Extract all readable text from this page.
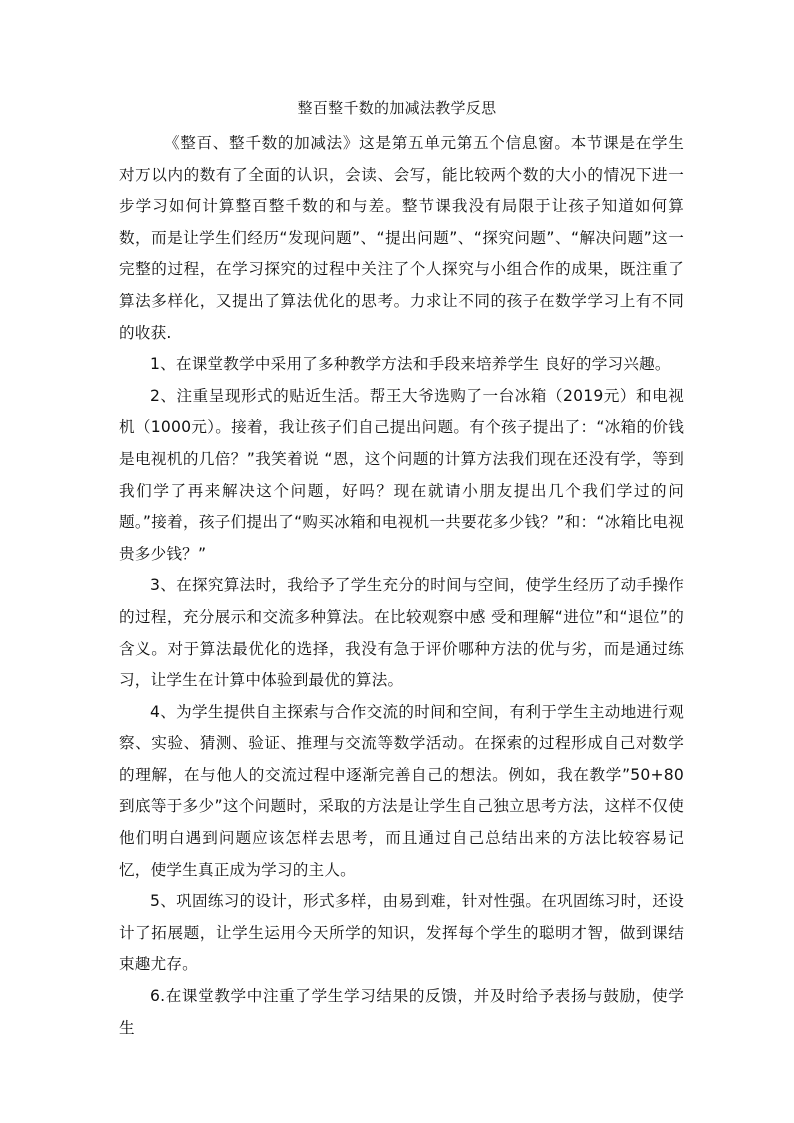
整百整千数的加减法教学反思

《整百、整千数的加减法》这是第五单元第五个信息窗。本节课是在学生对万以内的数有了全面的认识，会读、会写，能比较两个数的大小的情况下进一步学习如何计算整百整千数的和与差。整节课我没有局限于让孩子知道如何算数，而是让学生们经历“发现问题”、“提出问题”、“探究问题”、“解决问题”这一完整的过程，在学习探究的过程中关注了个人探究与小组合作的成果，既注重了算法多样化，又提出了算法优化的思考。力求让不同的孩子在数学学习上有不同的收获.

1、在课堂教学中采用了多种教学方法和手段来培养学生 良好的学习兴趣。

2、注重呈现形式的贴近生活。帮王大爷选购了一台冰箱（2019元）和电视机（1000元）。接着，我让孩子们自己提出问题。有个孩子提出了：“冰箱的价钱是电视机的几倍？”我笑着说 “恩，这个问题的计算方法我们现在还没有学，等到我们学了再来解决这个问题，好吗？现在就请小朋友提出几个我们学过的问题。”接着，孩子们提出了“购买冰箱和电视机一共要花多少钱？”和：“冰箱比电视贵多少钱？”

3、在探究算法时，我给予了学生充分的时间与空间，使学生经历了动手操作的过程，充分展示和交流多种算法。在比较观察中感 受和理解“进位”和“退位”的含义。对于算法最优化的选择，我没有急于评价哪种方法的优与劣，而是通过练习，让学生在计算中体验到最优的算法。

4、为学生提供自主探索与合作交流的时间和空间，有利于学生主动地进行观察、实验、猜测、验证、推理与交流等数学活动。在探索的过程形成自己对数学的理解，在与他人的交流过程中逐渐完善自己的想法。例如，我在教学”50+80到底等于多少”这个问题时，采取的方法是让学生自己独立思考方法，这样不仅使他们明白遇到问题应该怎样去思考，而且通过自己总结出来的方法比较容易记忆，使学生真正成为学习的主人。

5、巩固练习的设计，形式多样，由易到难，针对性强。在巩固练习时，还设计了拓展题，让学生运用今天所学的知识，发挥每个学生的聪明才智，做到课结束趣尤存。

6.在课堂教学中注重了学生学习结果的反馈，并及时给予表扬与鼓励，使学生
